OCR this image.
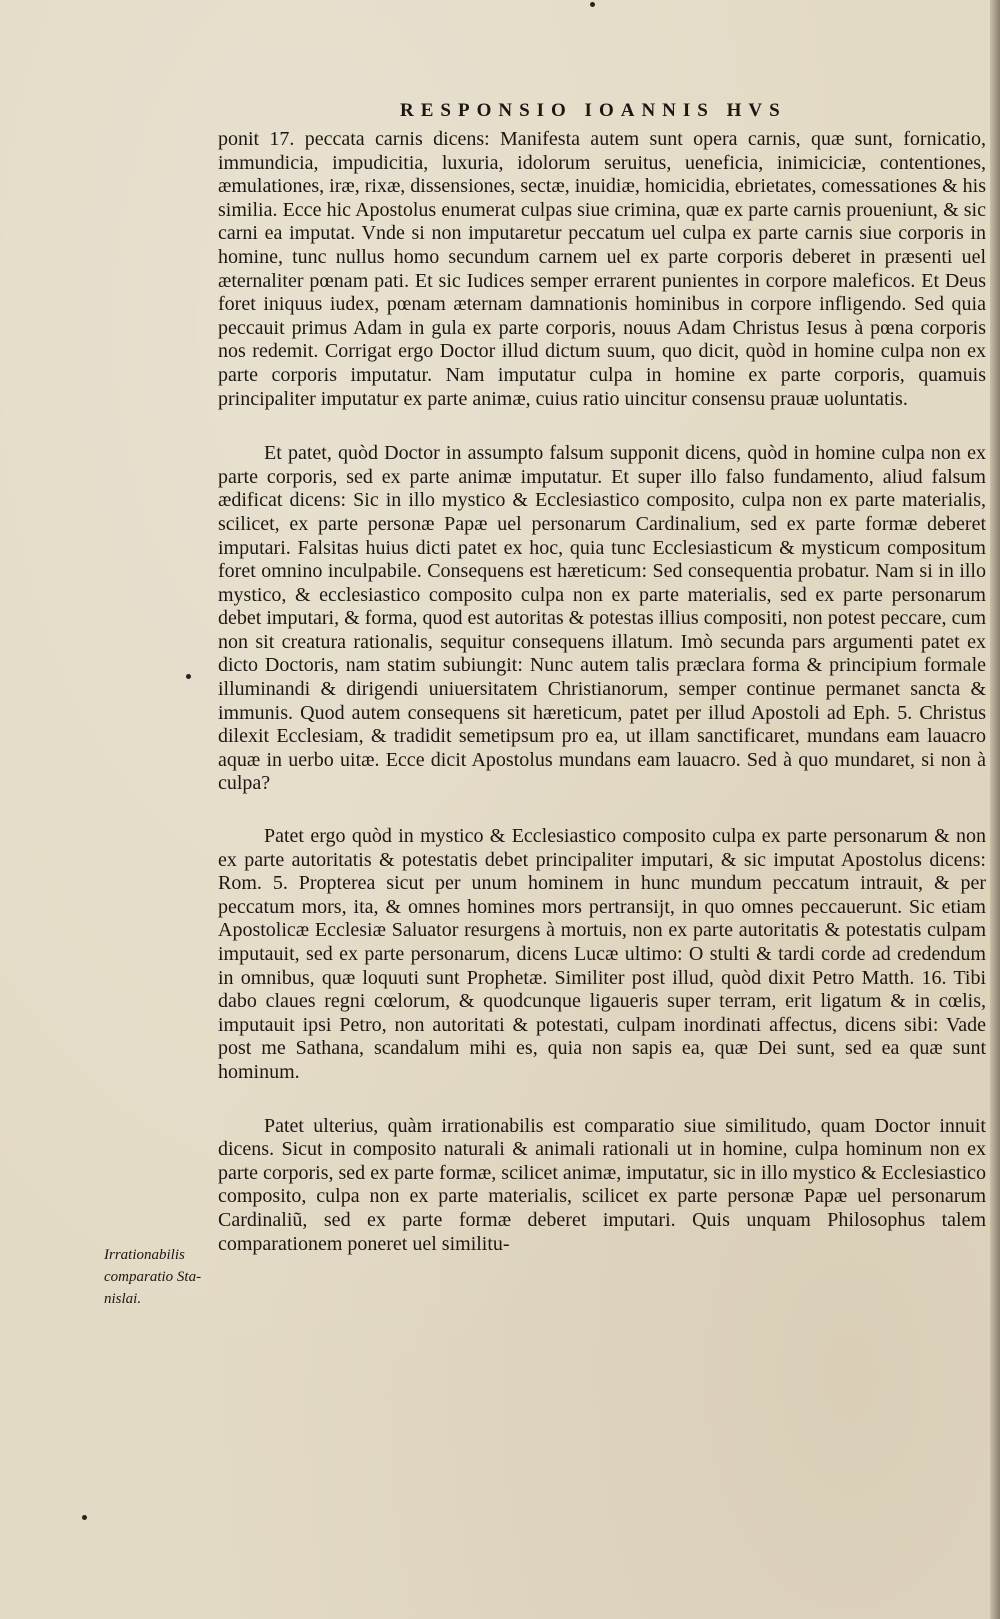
RESPONSIO IOANNIS HVS

ponit 17. peccata carnis dicens: Manifesta autem sunt opera carnis, quæ sunt, fornicatio, immundicia, impudicitia, luxuria, idolorum seruitus, ueneficia, inimiciciæ, contentiones, æmulationes, iræ, rixæ, dissensiones, sectæ, inuidiæ, homicidia, ebrietates, comessationes & his similia. Ecce hic Apostolus enumerat culpas siue crimina, quæ ex parte carnis proueniunt, & sic carni ea imputat. Vnde si non imputaretur peccatum uel culpa ex parte carnis siue corporis in homine, tunc nullus homo secundum carnem uel ex parte corporis deberet in præsenti uel æternaliter pœnam pati. Et sic Iudices semper errarent punientes in corpore maleficos. Et Deus foret iniquus iudex, pœnam æternam damnationis hominibus in corpore infligendo. Sed quia peccauit primus Adam in gula ex parte corporis, nouus Adam Christus Iesus à pœna corporis nos redemit. Corrigat ergo Doctor illud dictum suum, quo dicit, quòd in homine culpa non ex parte corporis imputatur. Nam imputatur culpa in homine ex parte corporis, quamuis principaliter imputatur ex parte animæ, cuius ratio uincitur consensu prauæ uoluntatis.

Et patet, quòd Doctor in assumpto falsum supponit dicens, quòd in homine culpa non ex parte corporis, sed ex parte animæ imputatur. Et super illo falso fundamento, aliud falsum ædificat dicens: Sic in illo mystico & Ecclesiastico composito, culpa non ex parte materialis, scilicet, ex parte personæ Papæ uel personarum Cardinalium, sed ex parte formæ deberet imputari. Falsitas huius dicti patet ex hoc, quia tunc Ecclesiasticum & mysticum compositum foret omnino inculpabile. Consequens est hæreticum: Sed consequentia probatur. Nam si in illo mystico, & ecclesiastico composito culpa non ex parte materialis, sed ex parte personarum debet imputari, & forma, quod est autoritas & potestas illius compositi, non potest peccare, cum non sit creatura rationalis, sequitur consequens illatum. Imò secunda pars argumenti patet ex dicto Doctoris, nam statim subiungit: Nunc autem talis præclara forma & principium formale illuminandi & dirigendi uniuersitatem Christianorum, semper continue permanet sancta & immunis. Quod autem consequens sit hæreticum, patet per illud Apostoli ad Eph. 5. Christus dilexit Ecclesiam, & tradidit semetipsum pro ea, ut illam sanctificaret, mundans eam lauacro aquæ in uerbo uitæ. Ecce dicit Apostolus mundans eam lauacro. Sed à quo mundaret, si non à culpa?

Patet ergo quòd in mystico & Ecclesiastico composito culpa ex parte personarum & non ex parte autoritatis & potestatis debet principaliter imputari, & sic imputat Apostolus dicens: Rom. 5. Propterea sicut per unum hominem in hunc mundum peccatum intrauit, & per peccatum mors, ita, & omnes homines mors pertransijt, in quo omnes peccauerunt. Sic etiam Apostolicæ Ecclesiæ Saluator resurgens à mortuis, non ex parte autoritatis & potestatis culpam imputauit, sed ex parte personarum, dicens Lucæ ultimo: O stulti & tardi corde ad credendum in omnibus, quæ loquuti sunt Prophetæ. Similiter post illud, quòd dixit Petro Matth. 16. Tibi dabo claues regni cœlorum, & quodcunque ligaueris super terram, erit ligatum & in cœlis, imputauit ipsi Petro, non autoritati & potestati, culpam inordinati affectus, dicens sibi: Vade post me Sathana, scandalum mihi es, quia non sapis ea, quæ Dei sunt, sed ea quæ sunt hominum.

Patet ulterius, quàm irrationabilis est comparatio siue similitudo, quam Doctor innuit dicens. Sicut in composito naturali & animali rationali ut in homine, culpa hominum non ex parte corporis, sed ex parte formæ, scilicet animæ, imputatur, sic in illo mystico & Ecclesiastico composito, culpa non ex parte materialis, scilicet ex parte personæ Papæ uel personarum Cardinaliũ, sed ex parte formæ deberet imputari. Quis unquam Philosophus talem comparationem poneret uel similitu-

Irrationabilis
comparatio Sta-
nislai.
